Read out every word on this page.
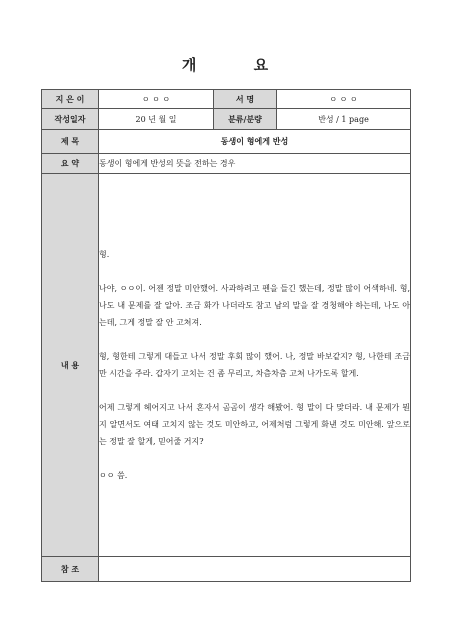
개 요
지 은 이	ㅇ ㅇ ㅇ	서 명	ㅇ ㅇ ㅇ
작성일자	20 년 월 일	분류/분량	반성 / 1 page
제 목	동생이 형에게 반성		
요 약	동생이 형에게 반성의 뜻을 전하는 경우		
내 용	형.

나야, ㅇㅇ이. 어젠 정말 미안했어. 사과하려고 펜을 들긴 했는데, 정말 많이 어색하네. 형, 나도 내 문제를 잘 알아. 조금 화가 나더라도 참고 남의 말을 잘 경청해야 하는데, 나도 아는데, 그게 정말 잘 안 고쳐져.

형, 형한테 그렇게 대들고 나서 정말 후회 많이 했어. 나, 정말 바보같지? 형, 나한테 조금만 시간을 주라. 갑자기 고치는 건 좀 무리고, 차츰차츰 고쳐 나가도록 할게.

어제 그렇게 헤어지고 나서 혼자서 곰곰이 생각 해봤어. 형 말이 다 맞더라. 내 문제가 뭔지 알면서도 여태 고치지 않는 것도 미안하고, 어제처럼 그렇게 화낸 것도 미안해. 앞으로는 정말 잘 할게, 믿어줄 거지?

ㅇㅇ 씀.		

참 조			
